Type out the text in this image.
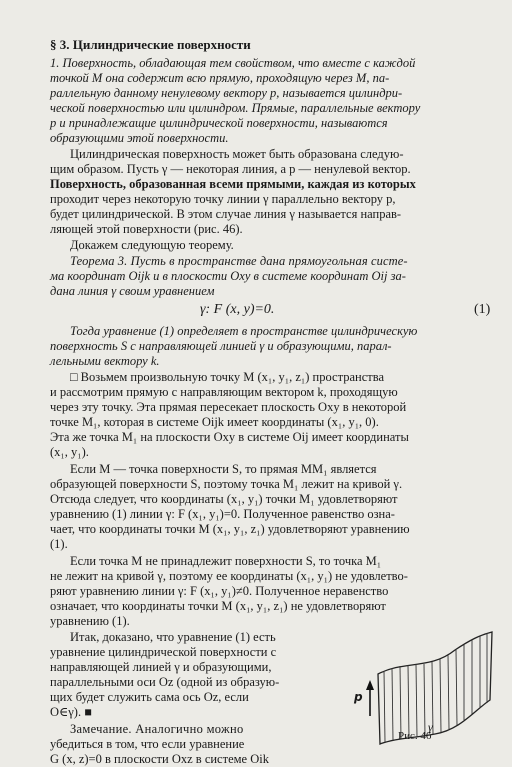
§ 3. Цилиндрические поверхности
1. Поверхность, обладающая тем свойством, что вместе с каждой
точкой M она содержит всю прямую, проходящую через M, па-
раллельную данному ненулевому вектору p, называется цилиндри-
ческой поверхностью или цилиндром. Прямые, параллельные вектору
p и принадлежащие цилиндрической поверхности, называются
образующими этой поверхности.
Цилиндрическая поверхность может быть образована следую-
щим образом. Пусть γ — некоторая линия, а p — ненулевой вектор.
Поверхность, образованная всеми прямыми, каждая из которых
проходит через некоторую точку линии γ параллельно вектору p,
будет цилиндрической. В этом случае линия γ называется направ-
ляющей этой поверхности (рис. 46).
Докажем следующую теорему.
Теорема 3. Пусть в пространстве дана прямоугольная систе-
ма координат Oijk и в плоскости Oxy в системе координат Oij за-
дана линия γ своим уравнением
γ: F (x, y)=0.	(1)
Тогда уравнение (1) определяет в пространстве цилиндрическую
поверхность S с направляющей линией γ и образующими, парал-
лельными вектору k.
□ Возьмем произвольную точку M (x₁, y₁, z₁) пространства
и рассмотрим прямую с направляющим вектором k, проходящую
через эту точку. Эта прямая пересекает плоскость Oxy в некоторой
точке M₁, которая в системе Oijk имеет координаты (x₁, y₁, 0).
Эта же точка M₁ на плоскости Oxy в системе Oij имеет координаты
(x₁, y₁).
Если M — точка поверхности S, то прямая MM₁ является
образующей поверхности S, поэтому точка M₁ лежит на кривой γ.
Отсюда следует, что координаты (x₁, y₁) точки M₁ удовлетворяют
уравнению (1) линии γ: F (x₁, y₁)=0. Полученное равенство озна-
чает, что координаты точки M (x₁, y₁, z₁) удовлетворяют уравнению
(1).
Если точка M не принадлежит поверхности S, то точка M₁
не лежит на кривой γ, поэтому ее координаты (x₁, y₁) не удовлетво-
ряют уравнению линии γ: F (x₁, y₁)≠0. Полученное неравенство
означает, что координаты точки M (x₁, y₁, z₁) не удовлетворяют
уравнению (1).
Итак, доказано, что уравнение (1) есть
уравнение цилиндрической поверхности с
направляющей линией γ и образующими,
параллельными оси Oz (одной из образую-
щих будет служить сама ось Oz, если
O∈γ). ■
Замечание. Аналогично можно
убедиться в том, что если уравнение
G (x, z)=0 в плоскости Oxz в системе Oik
p
γ
Рис. 46
